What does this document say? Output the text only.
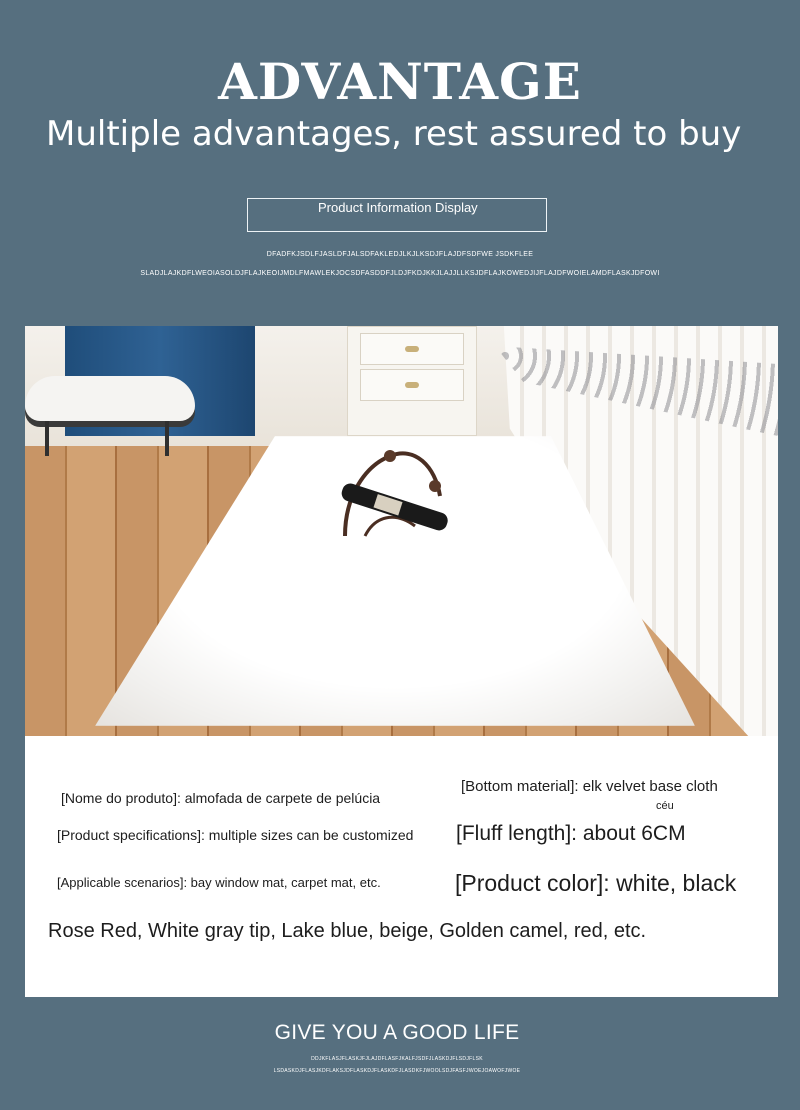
ADVANTAGE
Multiple advantages, rest assured to buy
Product Information Display
DFADFKJSDLFJASLDFJALSDFAKLEDJLKJLKSDJFLAJDFSDFWE JSDKFLEE
SLADJLAJKDFLWEOIASOLDJFLAJKEOIJMDLFMAWLEKJOCSDFASDDFJLDJFKDJKKJLAJJLLKSJDFLAJKOWEDJIJFLAJDFWOIELAMDFLASKJDFOWI
[Nome do produto]: almofada de carpete de pelúcia
[Bottom material]: elk velvet base cloth
céu
[Product specifications]: multiple sizes can be customized [Fluff length]: about 6CM
[Applicable scenarios]: bay window mat, carpet mat, etc.	[Product color]: white, black
Rose Red, White gray tip, Lake blue, beige, Golden camel, red, etc.
GIVE YOU A GOOD LIFE
DDJKFLASJFLASKJFJLAJDFLASFJKALFJSDFJLASKDJFLSDJFLSK
LSDASKDJFLASJKDFLAKSJDFLASKDJFLASKDFJLASDKFJWOOLSDJFASFJWOEJOAWOFJWOE
